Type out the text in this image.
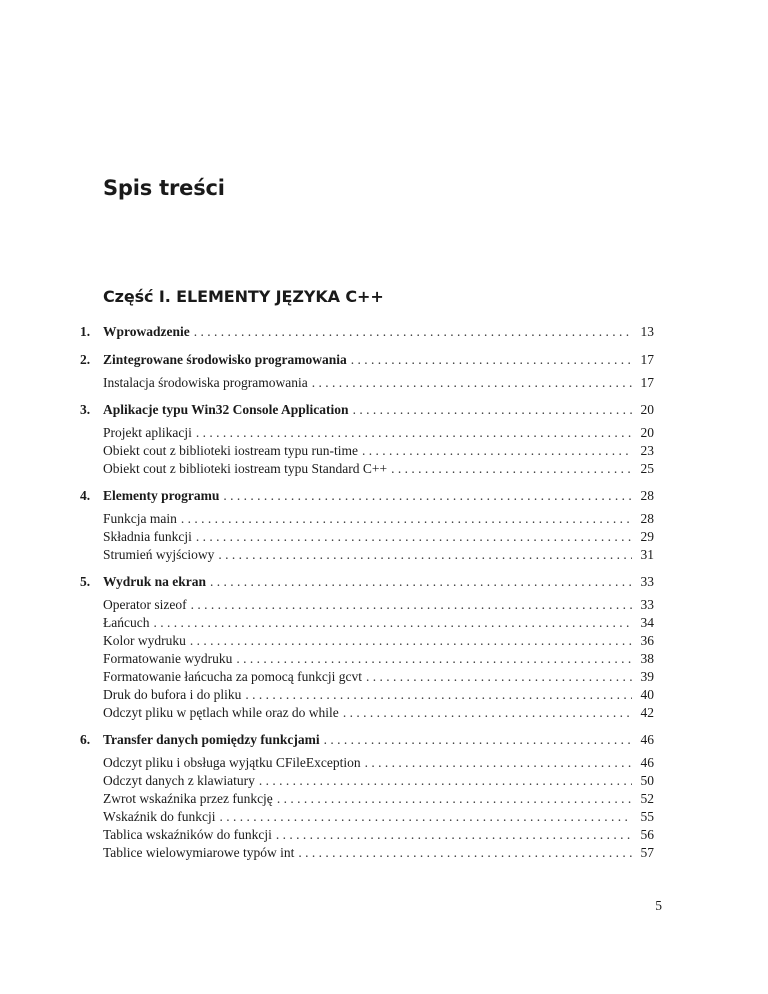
Spis treści
Część I. ELEMENTY JĘZYKA C++
1. Wprowadzenie . . .	13
2. Zintegrowane środowisko programowania . . .	17
Instalacja środowiska programowania . . .	17
3. Aplikacje typu Win32 Console Application . . .	20
Projekt aplikacji . . .	20
Obiekt cout z biblioteki iostream typu run-time . . .	23
Obiekt cout z biblioteki iostream typu Standard C++ . . .	25
4. Elementy programu . . .	28
Funkcja main . . .	28
Składnia funkcji . . .	29
Strumień wyjściowy . . .	31
5. Wydruk na ekran . . .	33
Operator sizeof . . .	33
Łańcuch . . .	34
Kolor wydruku . . .	36
Formatowanie wydruku . . .	38
Formatowanie łańcucha za pomocą funkcji gcvt . . .	39
Druk do bufora i do pliku . . .	40
Odczyt pliku w pętlach while oraz do while . . .	42
6. Transfer danych pomiędzy funkcjami . . .	46
Odczyt pliku i obsługa wyjątku CFileException . . .	46
Odczyt danych z klawiatury . . .	50
Zwrot wskaźnika przez funkcję . . .	52
Wskaźnik do funkcji . . .	55
Tablica wskaźników do funkcji . . .	56
Tablice wielowymiarowe typów int . . .	57
5
